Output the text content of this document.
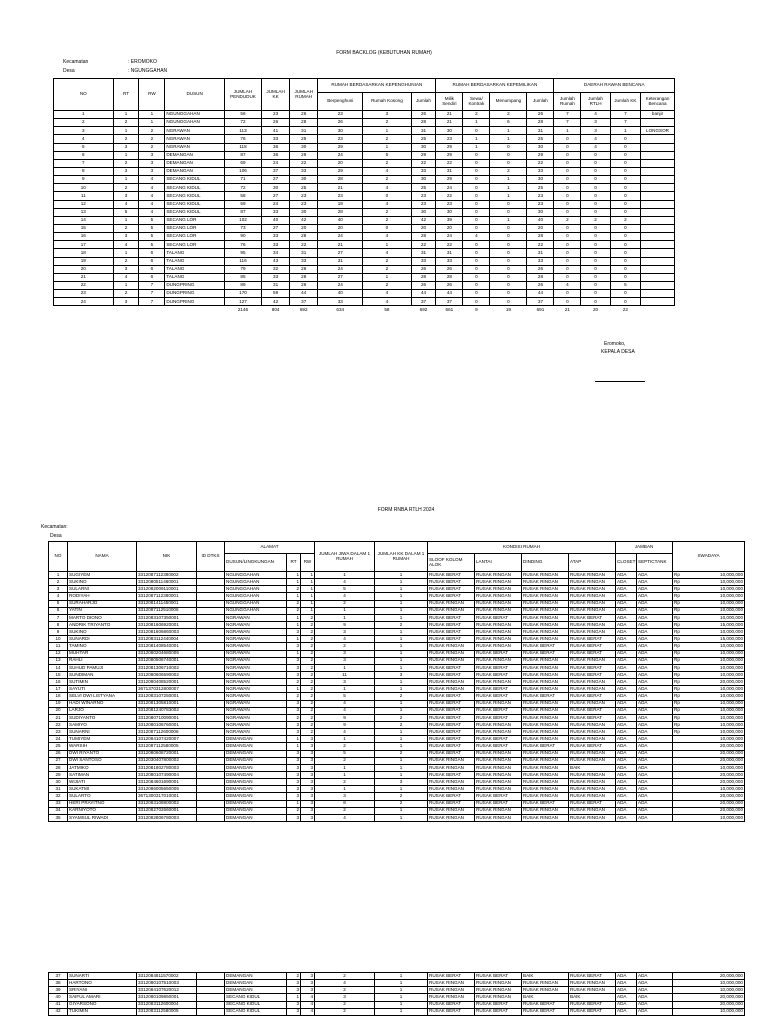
FORM BACKLOG (KEBUTUHAN RUMAH)
Kecamatan	: EROMOKO
Desa	: NGUNGGAHAN
NO	RT	RW	DUSUN	JUMLAH PENDUDUK	JUMLAH KK	JUMLAH RUMAH	RUMAH BERDASARKAN KEPENGHUNIAN			RUMAH BERDASARKAN KEPEMILIKAN				DAERAH RAWAN BENCANA			
							Berpenghuni	Rumah Kosong	Jumlah	Milik Sendiri	Sewa/ Kontrak	Menumpang	Jumlah	Jumlah Rumah	Jumlah RTLH	Jumlah KK	Keterangan Bencana
1	1	1	NGUNGGAHAN	56	23	26	23	3	26	21	2	2	26	7	4	7	banjir
2	2	1	NGUNGGAHAN	72	26	28	26	2	28	21	1	6	28	7	3	7	
3	1	2	NGRAWAN	113	41	31	30	1	31	30	0	1	31	1	3	1	LONGSOR
4	2	2	NGRAWAN	76	33	25	23	2	25	23	1	1	25	0	4	0	
5	3	2	NGRAWAN	118	36	30	29	1	30	29	1	0	30	0	4	0	
6	1	3	DEMANGAN	87	36	29	24	5	29	29	0	0	29	0	0	0	
7	2	3	DEMANGAN	69	24	22	20	2	22	22	0	0	22	0	0	0	
8	3	3	DEMANGAN	106	37	33	29	4	33	31	0	2	33	0	0	0	
9	1	4	SECANG KIDUL	71	27	30	28	2	30	29	0	1	30	0	0	0	
10	2	4	SECANG KIDUL	72	30	25	21	4	25	24	0	1	25	0	0	0	
11	3	4	SECANG KIDUL	58	27	23	23	0	23	22	0	1	23	0	0	0	
12	4	4	SECANG KIDUL	59	24	23	19	4	23	23	0	0	23	0	0	0	
13	5	4	SECANG KIDUL	87	33	30	28	2	30	30	0	0	30	0	0	0	
14	1	5	SECANG LOR	102	40	42	40	2	42	39	0	1	40	2	2	2	
15	2	5	SECANG LOR	73	27	20	20	0	20	20	0	0	20	0	0	0	
16	3	5	SECANG LOR	90	33	28	24	4	28	24	4	0	28	0	0	0	
17	4	5	SECANG LOR	76	33	22	21	1	22	22	0	0	22	0	0	0	
18	1	6	TALANG	95	34	31	27	4	31	31	0	0	31	0	0	0	
19	2	6	TALANG	116	43	33	31	2	33	33	0	0	33	0	0	0	
20	3	6	TALANG	79	32	26	24	2	26	26	0	0	26	0	0	0	
21	4	6	TALANG	85	33	28	27	1	28	28	0	0	28	0	0	0	
22	1	7	DUNGPRING	89	31	26	24	2	26	26	0	0	26	4	0	5	
23	2	7	DUNGPRING	170	59	44	40	4	44	44	0	0	44	0	0	0	
24	3	7	DUNGPRING	127	42	37	33	4	37	37	0	0	37	0	0	0	
				2146	804	692	634	58	692	661	9	19	691	21	20	22	
Eromoko,
KEPALA DESA
FORM RNBA RTLH 2024
Kecamatan:
Desa
NO	NAMA	NIK	ID DTKS	ALAMAT			JUMLAH JIWA DALAM 1 RUMAH	JUMLAH KK DALAM 1 RUMAH	KONDISI RUMAH				JAMBAN		SWADAYA
				DUSUN/LINGKUNGAN	RT	RW			SLOOF KOLOM ALOK	LANTAI	DINDING	ATAP	CLOSET	SEPTICTANK	
1	SUGIYEM	3312087112380002		NGUNGGAHAN	1	1	1	1	RUSAK BERAT	RUSAK RINGAN	RUSAK RINGAN	RUSAK RINGAN	ADA	ADA	Rp 10,000,000
2	SUKINO	3312080511460001		NGUNGGAHAN	1	1	4	1	RUSAK BERAT	RUSAK RINGAN	RUSAK RINGAN	RUSAK RINGAN	ADA	ADA	Rp 10,000,000
3	SULARNI	3312082009110001		NGUNGGAHAN	2	1	5	1	RUSAK BERAT	RUSAK RINGAN	RUSAK RINGAN	RUSAK RINGAN	ADA	ADA	Rp 10,000,000
4	RODIYAH	3312087112380001		NGUNGGAHAN	1	1	4	1	RUSAK BERAT	RUSAK RINGAN	RUSAK RINGAN	RUSAK RINGAN	ADA	ADA	Rp 10,000,000
5	SURAHARJO	3312081411450001		NGUNGGAHAN	2	1	2	1	RUSAK RINGAN	RUSAK RINGAN	RUSAK RINGAN	RUSAK RINGAN	ADA	ADA	Rp 10,000,000
6	YATIN	3312087112510006		NGUNGGAHAN	2	1	1	1	RUSAK RINGAN	RUSAK RINGAN	RUSAK RINGAN	RUSAK RINGAN	ADA	ADA	Rp 10,000,000
7	MARTO DIONO	3312083107350001		NGRAWAN	1	2	1	1	RUSAK BERAT	RUSAK BERAT	RUSAK RINGAN	RUSAK BERAT	ADA	ADA	Rp 10,000,000
8	ANDRIK TRIYANTO	3312081606920001		NGRAWAN	1	2	9	2	RUSAK BERAT	RUSAK RINGAN	RUSAK RINGAN	RUSAK RINGAN	ADA	ADA	Rp 15,000,000
9	SUKINO	3312081606860003		NGRAWAN	3	2	3	1	RUSAK BERAT	RUSAK RINGAN	RUSAK RINGAN	RUSAK RINGAN	ADA	ADA	Rp 10,000,000
10	SUNARDI	3312083112440004		NGRAWAN	1	2	4	1	RUSAK BERAT	RUSAK RINGAN	RUSAK RINGAN	RUSAK BERAT	ADA	ADA	Rp 15,000,000
11	TAMINO	3312081408540001		NGRAWAN	3	2	2	1	RUSAK RINGAN	RUSAK RINGAN	RUSAK BERAT	RUSAK BERAT	ADA	ADA	Rp 10,000,000
12	MUHTAR	3312080204680005		NGRAWAN	1	2	3	1	RUSAK RINGAN	RUSAK BERAT	RUSAK BERAT	RUSAK BERAT	ADA	ADA	Rp 10,000,000
13	RAHLI	3312080506740001		NGRAWAN	3	2	3	1	RUSAK RINGAN	RUSAK RINGAN	RUSAK RINGAN	RUSAK RINGAN	ADA	ADA	Rp 10,000,000
14	SUHUD PAMUJI	3312081306710002		NGRAWAN	3	2	1	1	RUSAK BERAT	RUSAK BERAT	RUSAK RINGAN	RUSAK BERAT	ADA	ADA	Rp 10,000,000
15	SUNDIMAN	3312080606590002		NGRAWAN	3	2	11	3	RUSAK BERAT	RUSAK BERAT	RUSAK RINGAN	RUSAK BERAT	ADA	ADA	Rp 10,000,000
16	SUTIMIN	3312080408520001		NGRAWAN	2	2	3	1	RUSAK RINGAN	RUSAK RINGAN	RUSAK RINGAN	RUSAK RINGAN	ADA	ADA	Rp 20,000,000
17	SAYUTI	3671370312800007		NGRAWAN	1	2	1	1	RUSAK RINGAN	RUSAK BERAT	RUSAK RINGAN	RUSAK RINGAN	ADA	ADA	Rp 10,000,000
18	SELVI DWI LISTYANA	3312083107250001		NGRAWAN	2	2	5	2	RUSAK BERAT	RUSAK BERAT	RUSAK BERAT	RUSAK BERAT	ADA	ADA	Rp 10,000,000
19	HADI WINARNO	3312081305810001		NGRAWAN	3	2	4	1	RUSAK BERAT	RUSAK RINGAN	RUSAK RINGAN	RUSAK RINGAN	ADA	ADA	Rp 10,000,000
20	LARJO	3312081240783002		NGRAWAN	3	2	4	1	RUSAK BERAT	RUSAK BERAT	RUSAK RINGAN	RUSAK BERAT	ADA	ADA	Rp 10,000,000
21	SUDIYANTO	3312080710090001		NGRAWAN	2	2	9	2	RUSAK BERAT	RUSAK BERAT	RUSAK RINGAN	RUSAK BERAT	ADA	ADA	Rp 10,000,000
22	SAMIYO	3312080106760001		NGRAWAN	3	2	9	2	RUSAK BERAT	RUSAK RINGAN	RUSAK RINGAN	RUSAK RINGAN	ADA	ADA	Rp 10,000,000
23	SUNARNI	3312087112600006		NGRAWAN	3	2	4	1	RUSAK BERAT	RUSAK RINGAN	RUSAK RINGAN	RUSAK RINGAN	ADA	ADA	Rp 10,000,000
24	TUMIYEM	3312084107420007		DEMANGAN	1	3	1	1	RUSAK BERAT	RUSAK BERAT	RUSAK RINGAN	RUSAK RINGAN	ADA	ADA	10,000,000
25	WARSIH	3312087112580005		DEMANGAN	1	3	2	1	RUSAK BERAT	RUSAK BERAT	RUSAK BERAT	RUSAK BERAT	ADA	ADA	20,000,000
26	DWI RIYANTO	3312080608720001		DEMANGAN	3	3	5	2	RUSAK BERAT	RUSAK RINGAN	RUSAK RINGAN	RUSAK RINGAN	ADA	ADA	20,000,000
27	DWI SANTOSO	3312030407800002		DEMANGAN	3	3	2	1	RUSAK RINGAN	RUSAK RINGAN	RUSAK RINGAN	RUSAK RINGAN	ADA	ADA	20,000,000
28	JATMIKO	3312081802780003		DEMANGAN	3	3	1	1	RUSAK RINGAN	RUSAK RINGAN	RUSAK RINGAN	BAIK	ADA	ADA	10,000,000
29	SATIMAN	3312080107490004		DEMANGAN	3	3	1	1	RUSAK BERAT	RUSAK RINGAN	RUSAK RINGAN	RUSAK RINGAN	ADA	ADA	20,000,000
30	WIJIATI	3312084601690001		DEMANGAN	3	3	2	3	RUSAK RINGAN	RUSAK RINGAN	RUSAK RINGAN	RUSAK RINGAN	ADA	ADA	20,000,000
31	SUKATMI	3312086005650005		DEMANGAN	3	3	1	1	RUSAK RINGAN	RUSAK RINGAN	RUSAK RINGAN	RUSAK RINGAN	ADA	ADA	10,000,000
32	SULARTO	3671300317010001		DEMANGAN	3	3	3	2	RUSAK BERAT	RUSAK BERAT	RUSAK RINGAN	RUSAK RINGAN	ADA	ADA	20,000,000
33	HERI PRAYITNO	3312083108800002		DEMANGAN	1	3	8	2	RUSAK BERAT	RUSAK BERAT	RUSAK BERAT	RUSAK BERAT	ADA	ADA	20,000,000
34	KARNIYOTO	3312082702660001		DEMANGAN	2	3	2	1	RUSAK RINGAN	RUSAK RINGAN	RUSAK RINGAN	RUSAK RINGAN	ADA	ADA	20,000,000
35	SYAMSUL RIWADI	3312082806780003		DEMANGAN	3	3	4	1	RUSAK RINGAN	RUSAK RINGAN	RUSAK RINGAN	RUSAK RINGAN	ADA	ADA	10,000,000
37	SUNARTI	3312084811570002		DEMANGAN	2	3	2	1	RUSAK BERAT	RUSAK BERAT	BAIK	RUSAK BERAT	ADA	ADA	20,000,000
38	HARTONO	3312080107510003		DEMANGAN	3	3	4	1	RUSAK RINGAN	RUSAK RINGAN	RUSAK RINGAN	RUSAK RINGAN	ADA	ADA	10,000,000
39	SRIYANI	3312084107620012		DEMANGAN	3	3	2	1	RUSAK RINGAN	RUSAK RINGAN	RUSAK RINGAN	RUSAK RINGAN	ADA	ADA	10,000,000
40	SAIFUL AMARI	3312080109850001		SECANG KIDUL	1	4	3	1	RUSAK RINGAN	RUSAK RINGAN	BAIK	BAIK	ADA	ADA	20,000,000
41	GIYARSONO	3312083112600004		SECANG KIDUL	3	4	2	1	RUSAK BERAT	RUSAK BERAT	RUSAK BERAT	RUSAK BERAT	ADA	ADA	20,000,000
42	TUKIMIN	3312083112580005		SECANG KIDUL	3	4	2	1	RUSAK BERAT	RUSAK BERAT	RUSAK BERAT	RUSAK BERAT	ADA	ADA	10,000,000
